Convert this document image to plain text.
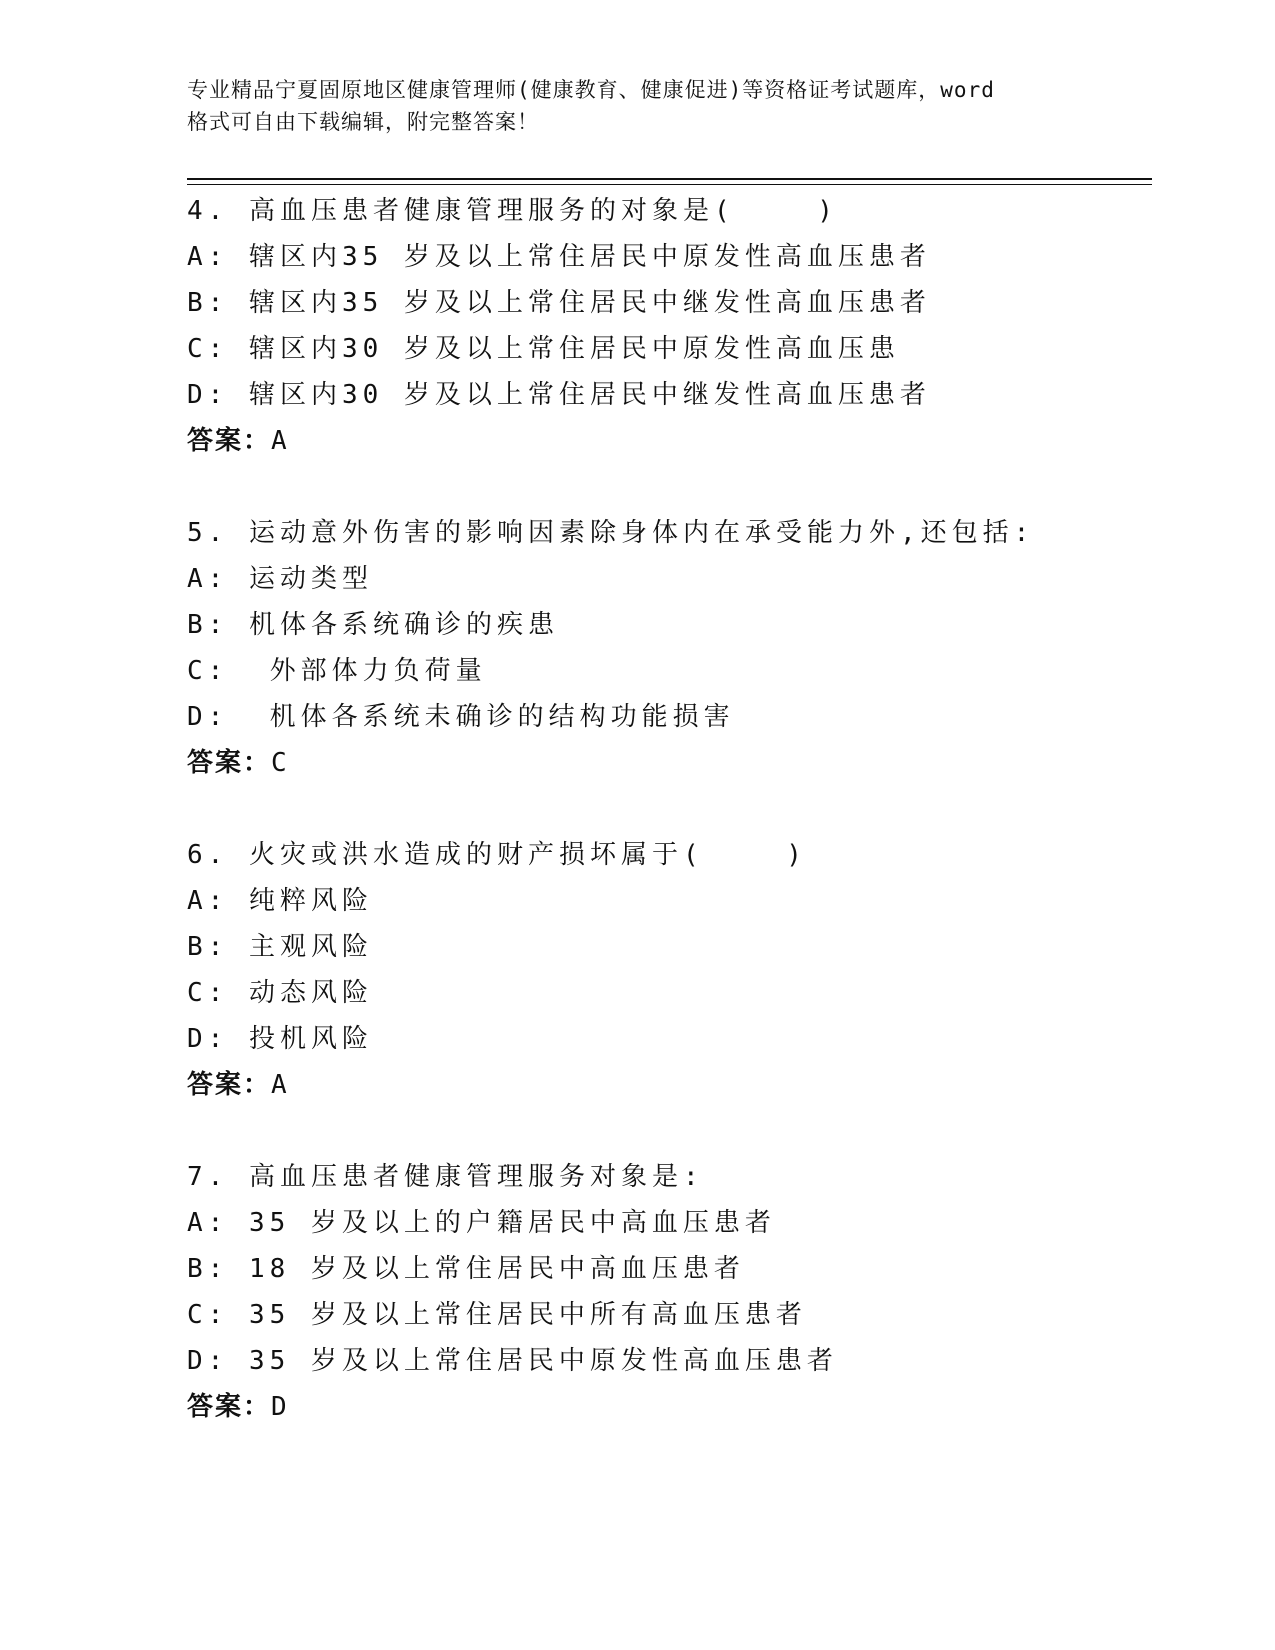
专业精品宁夏固原地区健康管理师(健康教育、健康促进)等资格证考试题库，word
格式可自由下载编辑，附完整答案！
4. 高血压患者健康管理服务的对象是(    )
A: 辖区内35 岁及以上常住居民中原发性高血压患者
B: 辖区内35 岁及以上常住居民中继发性高血压患者
C: 辖区内30 岁及以上常住居民中原发性高血压患
D: 辖区内30 岁及以上常住居民中继发性高血压患者
答案：A
5. 运动意外伤害的影响因素除身体内在承受能力外,还包括:
A: 运动类型
B: 机体各系统确诊的疾患
C:  外部体力负荷量
D:  机体各系统未确诊的结构功能损害
答案：C
6. 火灾或洪水造成的财产损坏属于(    )
A: 纯粹风险
B: 主观风险
C: 动态风险
D: 投机风险
答案：A
7. 高血压患者健康管理服务对象是:
A: 35 岁及以上的户籍居民中高血压患者
B: 18 岁及以上常住居民中高血压患者
C: 35 岁及以上常住居民中所有高血压患者
D: 35 岁及以上常住居民中原发性高血压患者
答案：D
